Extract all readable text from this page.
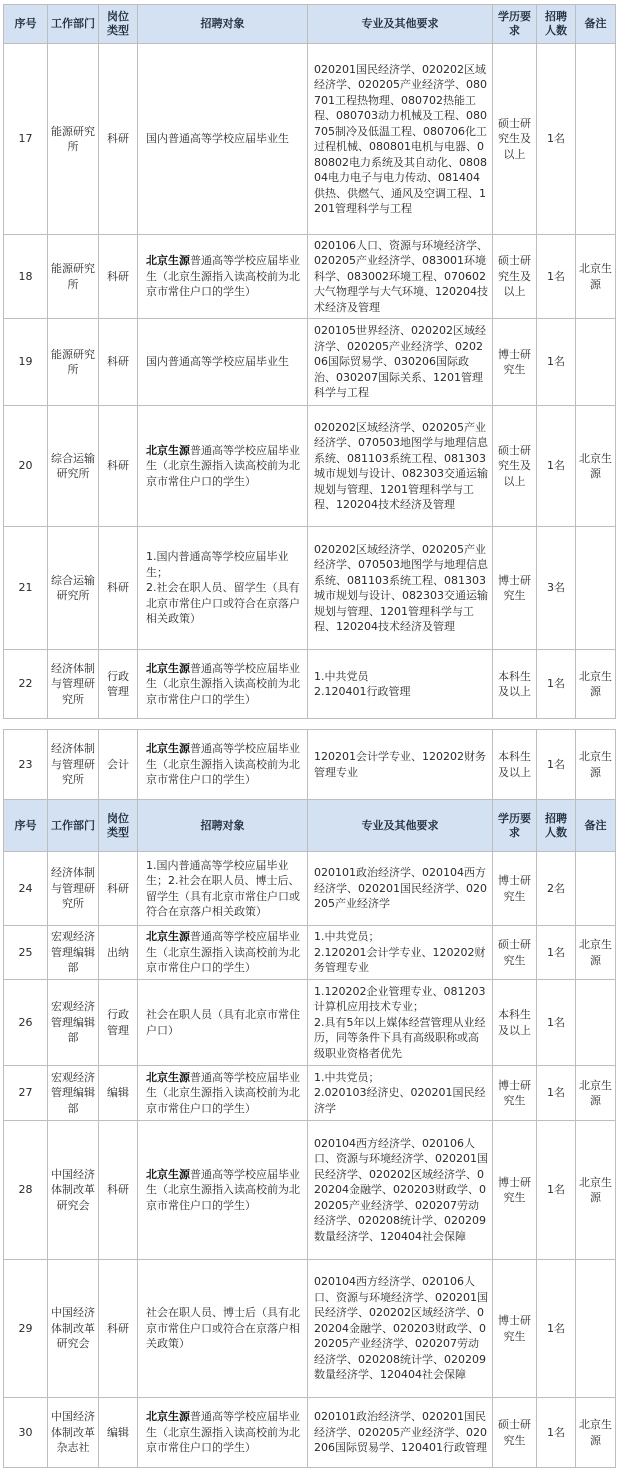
序号	工作部门	岗位类型	招聘对象	专业及其他要求	学历要求	招聘人数	备注
17	能源研究所	科研	国内普通高等学校应届毕业生	020201国民经济学、020202区域经济学、020205产业经济学、080701工程热物理、080702热能工程、080703动力机械及工程、080705制冷及低温工程、080706化工过程机械、080801电机与电器、080802电力系统及其自动化、080804电力电子与电力传动、081404供热、供燃气、通风及空调工程、1201管理科学与工程	硕士研究生及以上	1名	
18	能源研究所	科研	北京生源普通高等学校应届毕业生（北京生源指入读高校前为北京市常住户口的学生）	020106人口、资源与环境经济学、020205产业经济学、083001环境科学、083002环境工程、070602大气物理学与大气环境、120204技术经济及管理	硕士研究生及以上	1名	北京生源
19	能源研究所	科研	国内普通高等学校应届毕业生	020105世界经济、020202区域经济学、020205产业经济学、020206国际贸易学、030206国际政治、030207国际关系、1201管理科学与工程	博士研究生	1名	
20	综合运输研究所	科研	北京生源普通高等学校应届毕业生（北京生源指入读高校前为北京市常住户口的学生）	020202区域经济学、020205产业经济学、070503地图学与地理信息系统、081103系统工程、081303城市规划与设计、082303交通运输规划与管理、1201管理科学与工程、120204技术经济及管理	硕士研究生及以上	1名	北京生源
21	综合运输研究所	科研	1.国内普通高等学校应届毕业生；
2.社会在职人员、留学生（具有北京市常住户口或符合在京落户相关政策）	020202区域经济学、020205产业经济学、070503地图学与地理信息系统、081103系统工程、081303城市规划与设计、082303交通运输规划与管理、1201管理科学与工程、120204技术经济及管理	博士研究生	3名	
22	经济体制与管理研究所	行政管理	北京生源普通高等学校应届毕业生（北京生源指入读高校前为北京市常住户口的学生）	1.中共党员
2.120401行政管理	本科生及以上	1名	北京生源
23	经济体制与管理研究所	会计	北京生源普通高等学校应届毕业生（北京生源指入读高校前为北京市常住户口的学生）	120201会计学专业、120202财务管理专业	本科生及以上	1名	北京生源
序号	工作部门	岗位类型	招聘对象	专业及其他要求	学历要求	招聘人数	备注
24	经济体制与管理研究所	科研	1.国内普通高等学校应届毕业生；2.社会在职人员、博士后、留学生（具有北京市常住户口或符合在京落户相关政策）	020101政治经济学、020104西方经济学、020201国民经济学、020205产业经济学	博士研究生	2名	
25	宏观经济管理编辑部	出纳	北京生源普通高等学校应届毕业生（北京生源指入读高校前为北京市常住户口的学生）	1.中共党员；
2.120201会计学专业、120202财务管理专业	硕士研究生	1名	北京生源
26	宏观经济管理编辑部	行政管理	社会在职人员（具有北京市常住户口）	1.120202企业管理专业、081203计算机应用技术专业；
2.具有5年以上媒体经营管理从业经历，同等条件下具有高级职称或高级职业资格者优先	本科生及以上	1名	
27	宏观经济管理编辑部	编辑	北京生源普通高等学校应届毕业生（北京生源指入读高校前为北京市常住户口的学生）	1.中共党员；
2.020103经济史、020201国民经济学	博士研究生	1名	北京生源
28	中国经济体制改革研究会	科研	北京生源普通高等学校应届毕业生（北京生源指入读高校前为北京市常住户口的学生）	020104西方经济学、020106人口、资源与环境经济学、020201国民经济学、020202区域经济学、020204金融学、020203财政学、020205产业经济学、020207劳动经济学、020208统计学、020209数量经济学、120404社会保障	博士研究生	1名	北京生源
29	中国经济体制改革研究会	科研	社会在职人员、博士后（具有北京市常住户口或符合在京落户相关政策）	020104西方经济学、020106人口、资源与环境经济学、020201国民经济学、020202区域经济学、020204金融学、020203财政学、020205产业经济学、020207劳动经济学、020208统计学、020209数量经济学、120404社会保障	博士研究生	1名	
30	中国经济体制改革杂志社	编辑	北京生源普通高等学校应届毕业生（北京生源指入读高校前为北京市常住户口的学生）	020101政治经济学、020201国民经济学、020205产业经济学、020206国际贸易学、120401行政管理	硕士研究生	1名	北京生源
